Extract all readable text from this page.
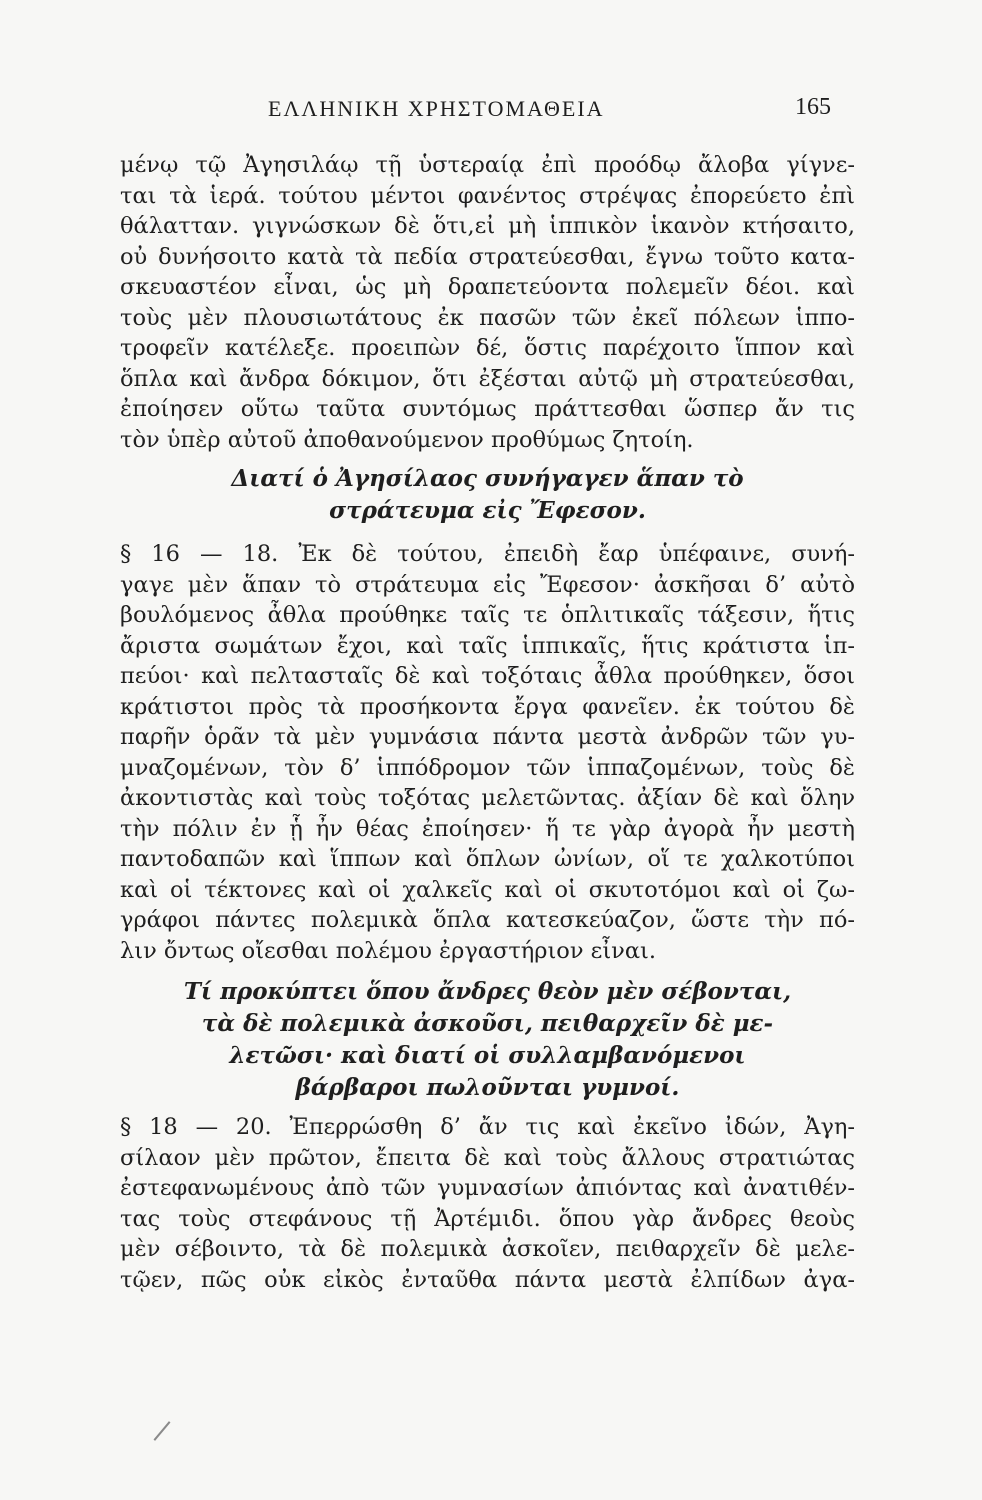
ΕΛΛΗΝΙΚΗ ΧΡΗΣΤΟΜΑΘΕΙΑ	165
μένῳ τῷ Ἀγησιλάῳ τῇ ὑστεραίᾳ ἐπὶ προόδῳ ἄλοβα γίγνε-
ται τὰ ἱερά. τούτου μέντοι φανέντος στρέψας ἐπορεύετο ἐπὶ
θάλατταν. γιγνώσκων δὲ ὅτι,εἰ μὴ ἱππικὸν ἱκανὸν κτήσαιτο,
οὐ δυνήσοιτο κατὰ τὰ πεδία στρατεύεσθαι, ἔγνω τοῦτο κατα-
σκευαστέον εἶναι, ὡς μὴ δραπετεύοντα πολεμεῖν δέοι. καὶ
τοὺς μὲν πλουσιωτάτους ἐκ πασῶν τῶν ἐκεῖ πόλεων ἱππο-
τροφεῖν κατέλεξε. προειπὼν δέ, ὅστις παρέχοιτο ἵππον καὶ
ὅπλα καὶ ἄνδρα δόκιμον, ὅτι ἐξέσται αὐτῷ μὴ στρατεύεσθαι,
ἐποίησεν οὕτω ταῦτα συντόμως πράττεσθαι ὥσπερ ἄν τις
τὸν ὑπὲρ αὐτοῦ ἀποθανούμενον προθύμως ζητοίη.
Διατί ὁ Ἀγησίλαος συνήγαγεν ἅπαν τὸ
στράτευμα εἰς Ἔφεσον.
§ 16 — 18. Ἐκ δὲ τούτου, ἐπειδὴ ἔαρ ὑπέφαινε, συνή-
γαγε μὲν ἅπαν τὸ στράτευμα εἰς Ἔφεσον· ἀσκῆσαι δ’ αὐτὸ
βουλόμενος ἆθλα προύθηκε ταῖς τε ὁπλιτικαῖς τάξεσιν, ἥτις
ἄριστα σωμάτων ἔχοι, καὶ ταῖς ἱππικαῖς, ἥτις κράτιστα ἱπ-
πεύοι· καὶ πελτασταῖς δὲ καὶ τοξόταις ἆθλα προύθηκεν, ὅσοι
κράτιστοι πρὸς τὰ προσήκοντα ἔργα φανεῖεν. ἐκ τούτου δὲ
παρῆν ὁρᾶν τὰ μὲν γυμνάσια πάντα μεστὰ ἀνδρῶν τῶν γυ-
μναζομένων, τὸν δ’ ἱππόδρομον τῶν ἱππαζομένων, τοὺς δὲ
ἀκοντιστὰς καὶ τοὺς τοξότας μελετῶντας. ἀξίαν δὲ καὶ ὅλην
τὴν πόλιν ἐν ᾗ ἦν θέας ἐποίησεν· ἥ τε γὰρ ἀγορὰ ἦν μεστὴ
παντοδαπῶν καὶ ἵππων καὶ ὅπλων ὠνίων, οἵ τε χαλκοτύποι
καὶ οἱ τέκτονες καὶ οἱ χαλκεῖς καὶ οἱ σκυτοτόμοι καὶ οἱ ζω-
γράφοι πάντες πολεμικὰ ὅπλα κατεσκεύαζον, ὥστε τὴν πό-
λιν ὄντως οἴεσθαι πολέμου ἐργαστήριον εἶναι.
Τί προκύπτει ὅπου ἄνδρες θεὸν μὲν σέβονται,
τὰ δὲ πολεμικὰ ἀσκοῦσι, πειθαρχεῖν δὲ με-
λετῶσι· καὶ διατί οἱ συλλαμβανόμενοι
βάρβαροι πωλοῦνται γυμνοί.
§ 18 — 20. Ἐπερρώσθη δ’ ἄν τις καὶ ἐκεῖνο ἰδών, Ἀγη-
σίλαον μὲν πρῶτον, ἔπειτα δὲ καὶ τοὺς ἄλλους στρατιώτας
ἐστεφανωμένους ἀπὸ τῶν γυμνασίων ἀπιόντας καὶ ἀνατιθέν-
τας τοὺς στεφάνους τῇ Ἀρτέμιδι. ὅπου γὰρ ἄνδρες θεοὺς
μὲν σέβοιντο, τὰ δὲ πολεμικὰ ἀσκοῖεν, πειθαρχεῖν δὲ μελε-
τῷεν, πῶς οὐκ εἰκὸς ἐνταῦθα πάντα μεστὰ ἐλπίδων ἀγα-
